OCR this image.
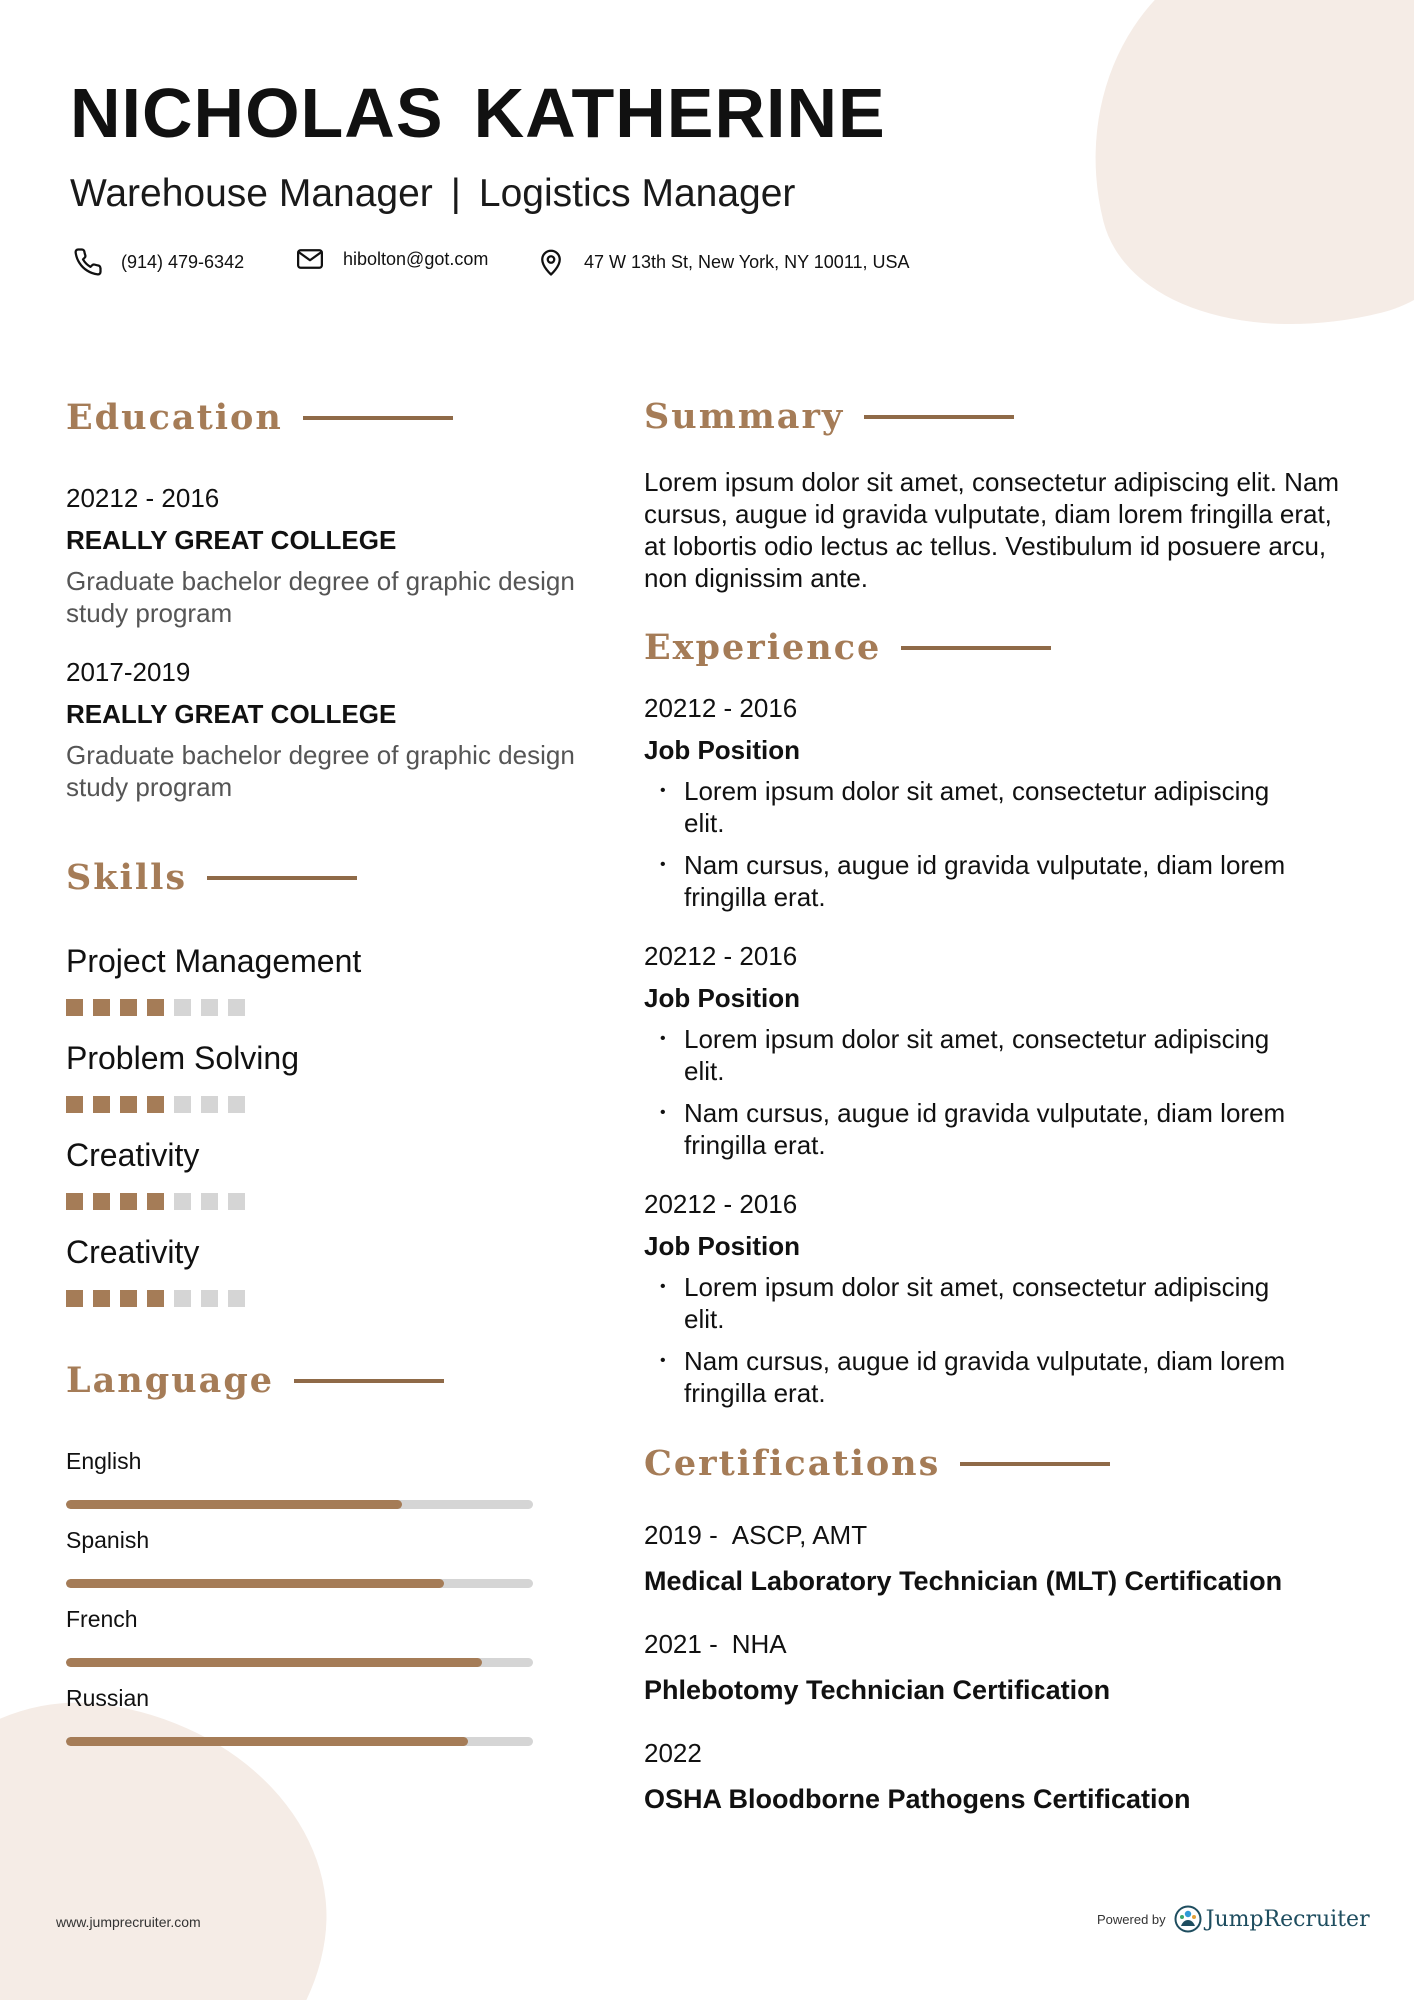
NICHOLAS KATHERINE
Warehouse Manager | Logistics Manager
(914) 479-6342	hibolton@got.com	47 W 13th St, New York, NY 10011, USA
Education
20212 - 2016
REALLY GREAT COLLEGE
Graduate bachelor degree of graphic design study program
2017-2019
REALLY GREAT COLLEGE
Graduate bachelor degree of graphic design study program
Skills
Project Management
Problem Solving
Creativity
Creativity
Language
English
Spanish
French
Russian
Summary
Lorem ipsum dolor sit amet, consectetur adipiscing elit. Nam cursus, augue id gravida vulputate, diam lorem fringilla erat, at lobortis odio lectus ac tellus. Vestibulum id posuere arcu, non dignissim ante.
Experience
20212 - 2016
Job Position
• Lorem ipsum dolor sit amet, consectetur adipiscing elit.
• Nam cursus, augue id gravida vulputate, diam lorem fringilla erat.
20212 - 2016
Job Position
• Lorem ipsum dolor sit amet, consectetur adipiscing elit.
• Nam cursus, augue id gravida vulputate, diam lorem fringilla erat.
20212 - 2016
Job Position
• Lorem ipsum dolor sit amet, consectetur adipiscing elit.
• Nam cursus, augue id gravida vulputate, diam lorem fringilla erat.
Certifications
2019 - ASCP, AMT
Medical Laboratory Technician (MLT) Certification
2021 - NHA
Phlebotomy Technician Certification
2022
OSHA Bloodborne Pathogens Certification
www.jumprecruiter.com	Powered by JumpRecruiter
